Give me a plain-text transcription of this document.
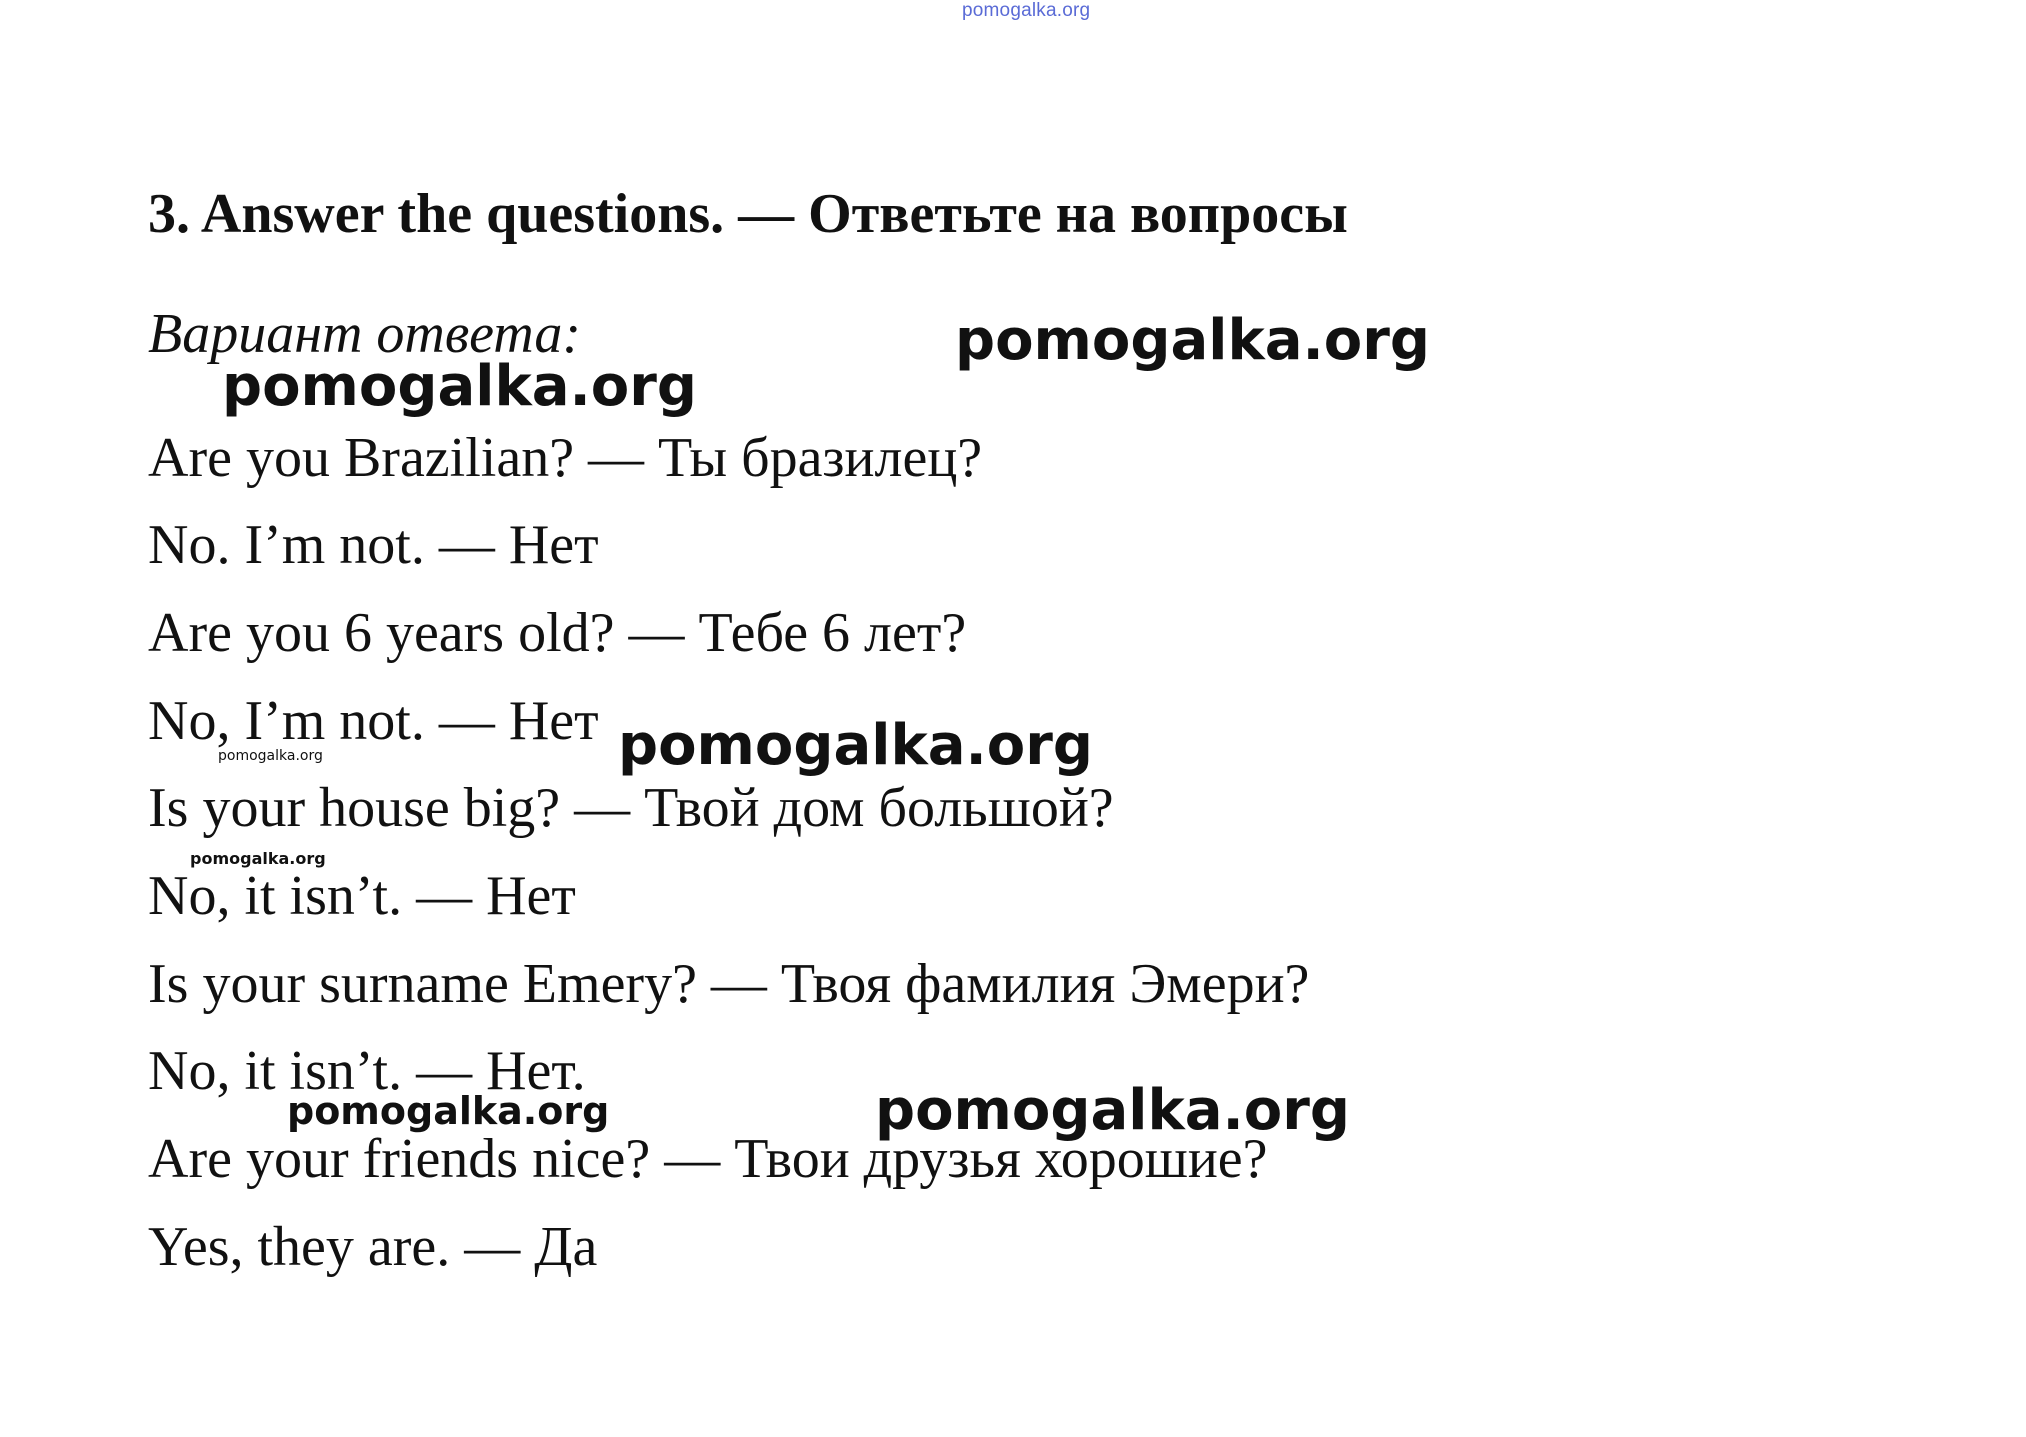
pomogalka.org
3. Answer the questions. — Ответьте на вопросы
Вариант ответа:
Are you Brazilian? — Ты бразилец?
No. I’m not. — Нет
Are you 6 years old? — Тебе 6 лет?
No, I’m not. — Нет
Is your house big? — Твой дом большой?
No, it isn’t. — Нет
Is your surname Emery? — Твоя фамилия Эмери?
No, it isn’t. — Нет.
Are your friends nice? — Твои друзья хорошие?
Yes, they are. — Да
pomogalka.org
pomogalka.org
pomogalka.org
pomogalka.org
pomogalka.org
pomogalka.org	pomogalka.org
